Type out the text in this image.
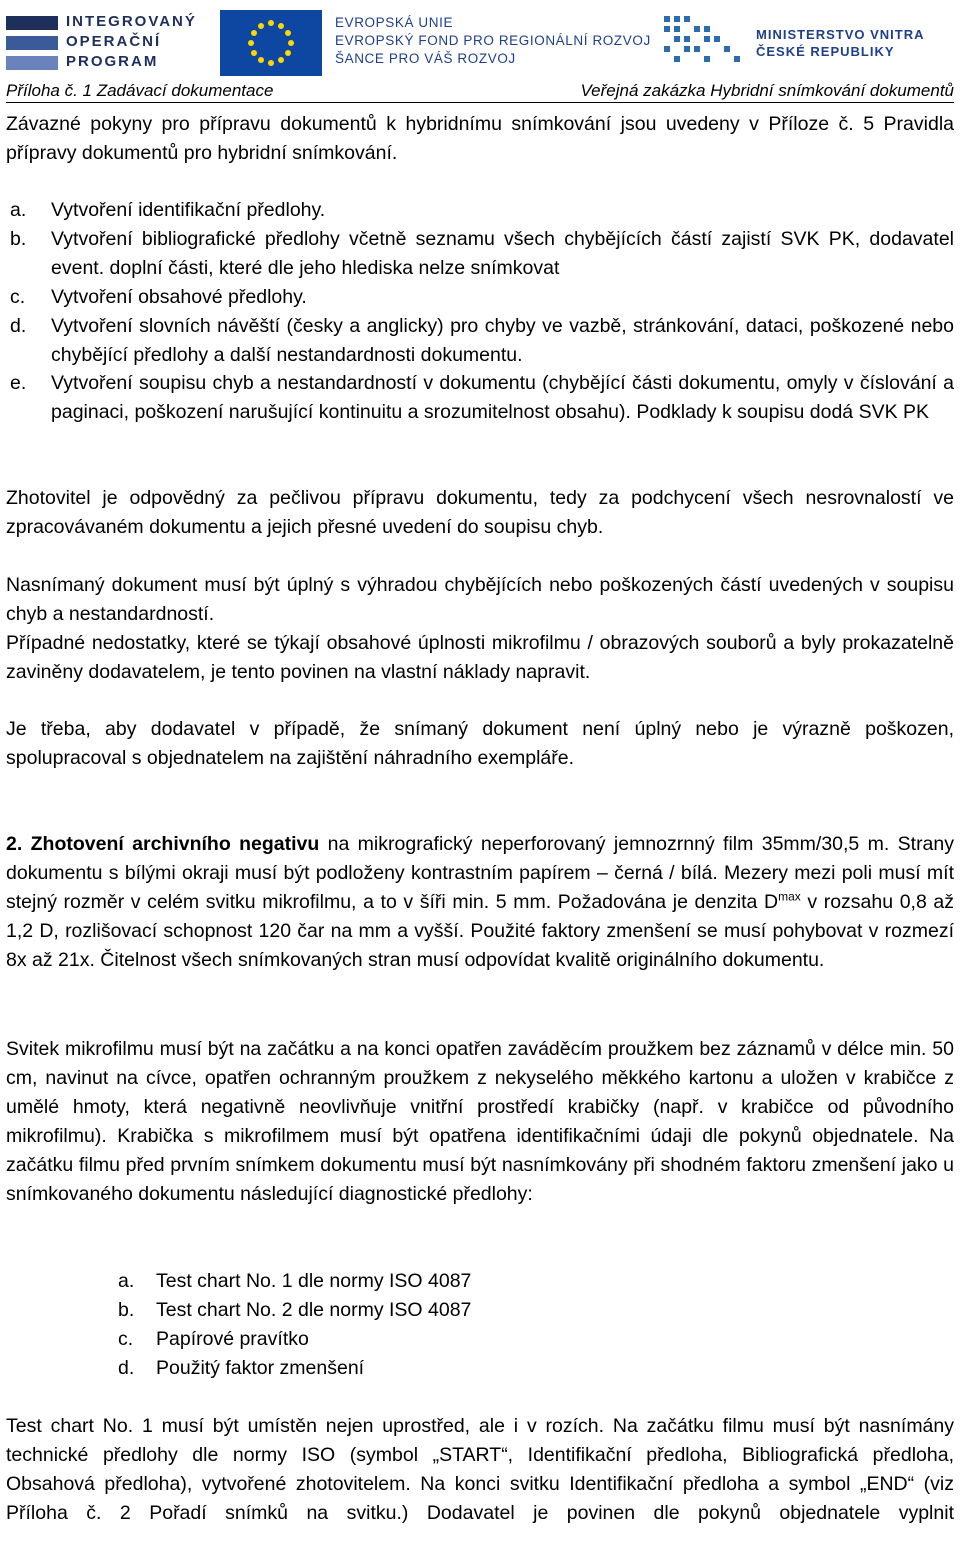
INTEGROVANÝ OPERAČNÍ PROGRAM
EVROPSKÁ UNIE
EVROPSKÝ FOND PRO REGIONÁLNÍ ROZVOJ
ŠANCE PRO VÁŠ ROZVOJ
MINISTERSTVO VNITRA ČESKÉ REPUBLIKY
Příloha č. 1 Zadávací dokumentace	Veřejná zakázka Hybridní snímkování dokumentů

Závazné pokyny pro přípravu dokumentů k hybridnímu snímkování jsou uvedeny v Příloze č. 5 Pravidla přípravy dokumentů pro hybridní snímkování.

a. Vytvoření identifikační předlohy.
b. Vytvoření bibliografické předlohy včetně seznamu všech chybějících částí zajistí SVK PK, dodavatel event. doplní části, které dle jeho hlediska nelze snímkovat
c. Vytvoření obsahové předlohy.
d. Vytvoření slovních návěští (česky a anglicky) pro chyby ve vazbě, stránkování, dataci, poškozené nebo chybějící předlohy a další nestandardnosti dokumentu.
e. Vytvoření soupisu chyb a nestandardností v dokumentu (chybějící části dokumentu, omyly v číslování a paginaci, poškození narušující kontinuitu a srozumitelnost obsahu). Podklady k soupisu dodá SVK PK

Zhotovitel je odpovědný za pečlivou přípravu dokumentu, tedy za podchycení všech nesrovnalostí ve zpracovávaném dokumentu a jejich přesné uvedení do soupisu chyb.

Nasnímaný dokument musí být úplný s výhradou chybějících nebo poškozených částí uvedených v soupisu chyb a nestandardností.

Případné nedostatky, které se týkají obsahové úplnosti mikrofilmu / obrazových souborů a byly prokazatelně zaviněny dodavatelem, je tento povinen na vlastní náklady napravit.

Je třeba, aby dodavatel v případě, že snímaný dokument není úplný nebo je výrazně poškozen, spolupracoval s objednatelem na zajištění náhradního exempláře.

2. Zhotovení archivního negativu na mikrografický neperforovaný jemnozrnný film 35mm/30,5 m. Strany dokumentu s bílými okraji musí být podloženy kontrastním papírem – černá / bílá. Mezery mezi poli musí mít stejný rozměr v celém svitku mikrofilmu, a to v šíři min. 5 mm. Požadována je denzita $D^{max}$ v rozsahu 0,8 až 1,2 D, rozlišovací schopnost 120 čar na mm a vyšší. Použité faktory zmenšení se musí pohybovat v rozmezí 8x až 21x. Čitelnost všech snímkovaných stran musí odpovídat kvalitě originálního dokumentu.

Svitek mikrofilmu musí být na začátku a na konci opatřen zaváděcím proužkem bez záznamů v délce min. 50 cm, navinut na cívce, opatřen ochranným proužkem z nekyselého měkkého kartonu a uložen v krabičce z umělé hmoty, která negativně neovlivňuje vnitřní prostředí krabičky (např. v krabičce od původního mikrofilmu). Krabička s mikrofilmem musí být opatřena identifikačními údaji dle pokynů objednatele. Na začátku filmu před prvním snímkem dokumentu musí být nasnímkovány při shodném faktoru zmenšení jako u snímkovaného dokumentu následující diagnostické předlohy:

a. Test chart No. 1 dle normy ISO 4087
b. Test chart No. 2 dle normy ISO 4087
c. Papírové pravítko
d. Použitý faktor zmenšení

Test chart No. 1 musí být umístěn nejen uprostřed, ale i v rozích. Na začátku filmu musí být nasnímány technické předlohy dle normy ISO (symbol „START“, Identifikační předloha, Bibliografická předloha, Obsahová předloha), vytvořené zhotovitelem. Na konci svitku Identifikační předloha a symbol „END“ (viz Příloha č. 2 Pořadí snímků na svitku.) Dodavatel je povinen dle pokynů objednatele vyplnit
